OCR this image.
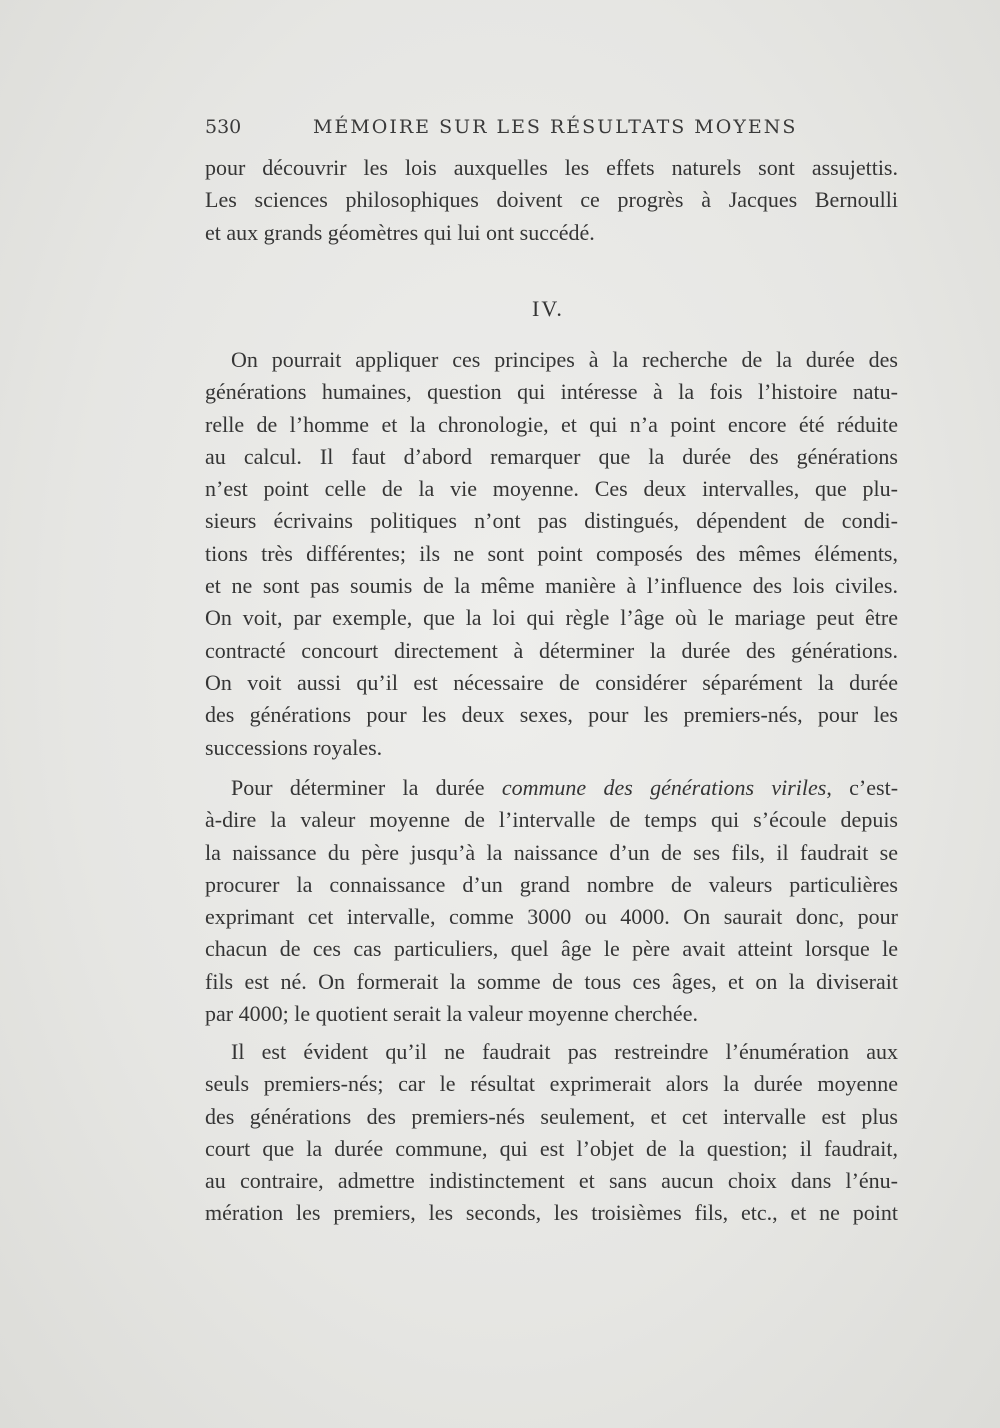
530	MÉMOIRE SUR LES RÉSULTATS MOYENS
pour découvrir les lois auxquelles les effets naturels sont assujettis.
Les sciences philosophiques doivent ce progrès à Jacques Bernoulli
et aux grands géomètres qui lui ont succédé.
IV.
On pourrait appliquer ces principes à la recherche de la durée des
générations humaines, question qui intéresse à la fois l’histoire natu-
relle de l’homme et la chronologie, et qui n’a point encore été réduite
au calcul. Il faut d’abord remarquer que la durée des générations
n’est point celle de la vie moyenne. Ces deux intervalles, que plu-
sieurs écrivains politiques n’ont pas distingués, dépendent de condi-
tions très différentes; ils ne sont point composés des mêmes éléments,
et ne sont pas soumis de la même manière à l’influence des lois civiles.
On voit, par exemple, que la loi qui règle l’âge où le mariage peut être
contracté concourt directement à déterminer la durée des générations.
On voit aussi qu’il est nécessaire de considérer séparément la durée
des générations pour les deux sexes, pour les premiers-nés, pour les
successions royales.
Pour déterminer la durée commune des générations viriles, c’est-
à-dire la valeur moyenne de l’intervalle de temps qui s’écoule depuis
la naissance du père jusqu’à la naissance d’un de ses fils, il faudrait se
procurer la connaissance d’un grand nombre de valeurs particulières
exprimant cet intervalle, comme 3000 ou 4000. On saurait donc, pour
chacun de ces cas particuliers, quel âge le père avait atteint lorsque le
fils est né. On formerait la somme de tous ces âges, et on la diviserait
par 4000; le quotient serait la valeur moyenne cherchée.
Il est évident qu’il ne faudrait pas restreindre l’énumération aux
seuls premiers-nés; car le résultat exprimerait alors la durée moyenne
des générations des premiers-nés seulement, et cet intervalle est plus
court que la durée commune, qui est l’objet de la question; il faudrait,
au contraire, admettre indistinctement et sans aucun choix dans l’énu-
mération les premiers, les seconds, les troisièmes fils, etc., et ne point
